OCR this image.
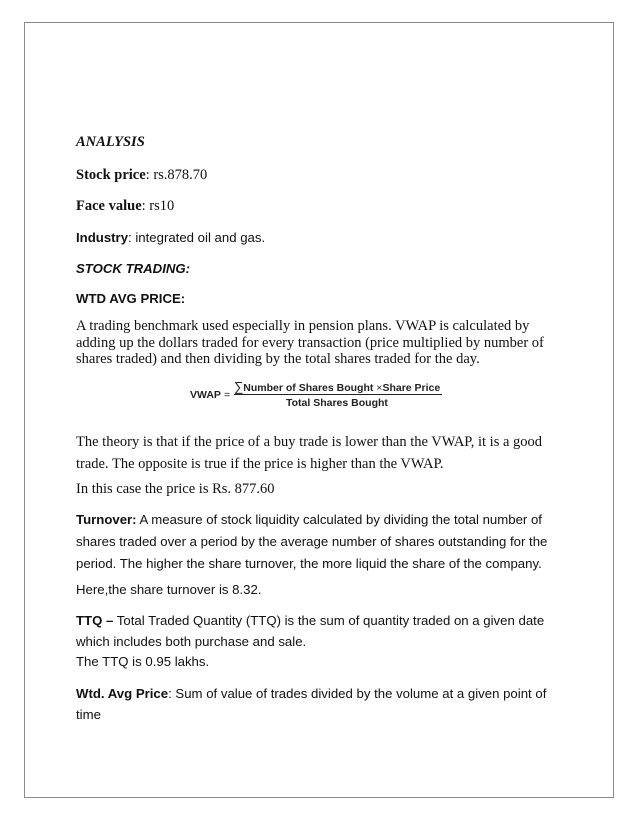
ANALYSIS

Stock price: rs.878.70

Face value: rs10

Industry: integrated oil and gas.

STOCK TRADING:

WTD AVG PRICE:

A trading benchmark used especially in pension plans. VWAP is calculated by adding up the dollars traded for every transaction (price multiplied by number of shares traded) and then dividing by the total shares traded for the day.

VWAP =
∑Number of Shares Bought ×Share Price
Total Shares Bought

The theory is that if the price of a buy trade is lower than the VWAP, it is a good trade. The opposite is true if the price is higher than the VWAP.

In this case the price is Rs. 877.60

Turnover: A measure of stock liquidity calculated by dividing the total number of shares traded over a period by the average number of shares outstanding for the period. The higher the share turnover, the more liquid the share of the company.

Here,the share turnover is 8.32.

TTQ – Total Traded Quantity (TTQ) is the sum of quantity traded on a given date which includes both purchase and sale.

The TTQ is 0.95 lakhs.

Wtd. Avg Price: Sum of value of trades divided by the volume at a given point of time
